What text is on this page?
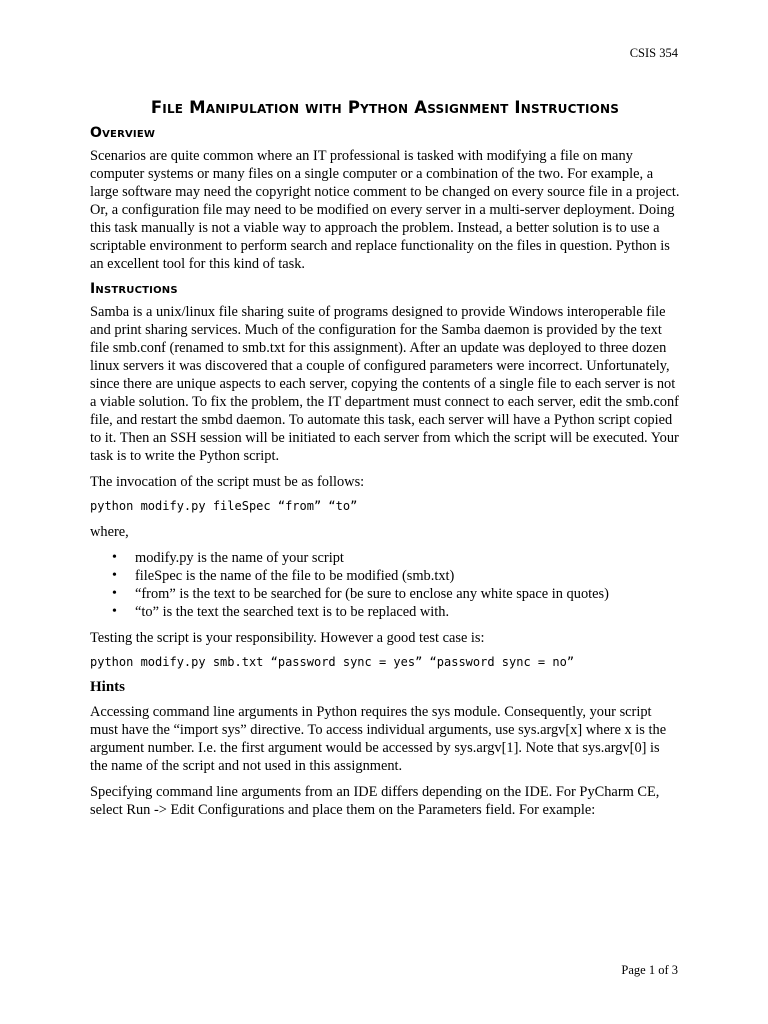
CSIS 354
File Manipulation with Python Assignment Instructions
Overview

Scenarios are quite common where an IT professional is tasked with modifying a file on many computer systems or many files on a single computer or a combination of the two. For example, a large software may need the copyright notice comment to be changed on every source file in a project. Or, a configuration file may need to be modified on every server in a multi-server deployment. Doing this task manually is not a viable way to approach the problem. Instead, a better solution is to use a scriptable environment to perform search and replace functionality on the files in question. Python is an excellent tool for this kind of task.

Instructions

Samba is a unix/linux file sharing suite of programs designed to provide Windows interoperable file and print sharing services. Much of the configuration for the Samba daemon is provided by the text file smb.conf (renamed to smb.txt for this assignment). After an update was deployed to three dozen linux servers it was discovered that a couple of configured parameters were incorrect. Unfortunately, since there are unique aspects to each server, copying the contents of a single file to each server is not a viable solution. To fix the problem, the IT department must connect to each server, edit the smb.conf file, and restart the smbd daemon. To automate this task, each server will have a Python script copied to it. Then an SSH session will be initiated to each server from which the script will be executed. Your task is to write the Python script.

The invocation of the script must be as follows:

python modify.py fileSpec “from” “to”

where,

• modify.py is the name of your script
• fileSpec is the name of the file to be modified (smb.txt)
• “from” is the text to be searched for (be sure to enclose any white space in quotes)
• “to” is the text the searched text is to be replaced with.

Testing the script is your responsibility. However a good test case is:

python modify.py smb.txt “password sync = yes” “password sync = no”
Hints

Accessing command line arguments in Python requires the sys module. Consequently, your script must have the “import sys” directive. To access individual arguments, use sys.argv[x] where x is the argument number. I.e. the first argument would be accessed by sys.argv[1]. Note that sys.argv[0] is the name of the script and not used in this assignment.

Specifying command line arguments from an IDE differs depending on the IDE. For PyCharm CE, select Run -> Edit Configurations and place them on the Parameters field. For example:

Page 1 of 3
